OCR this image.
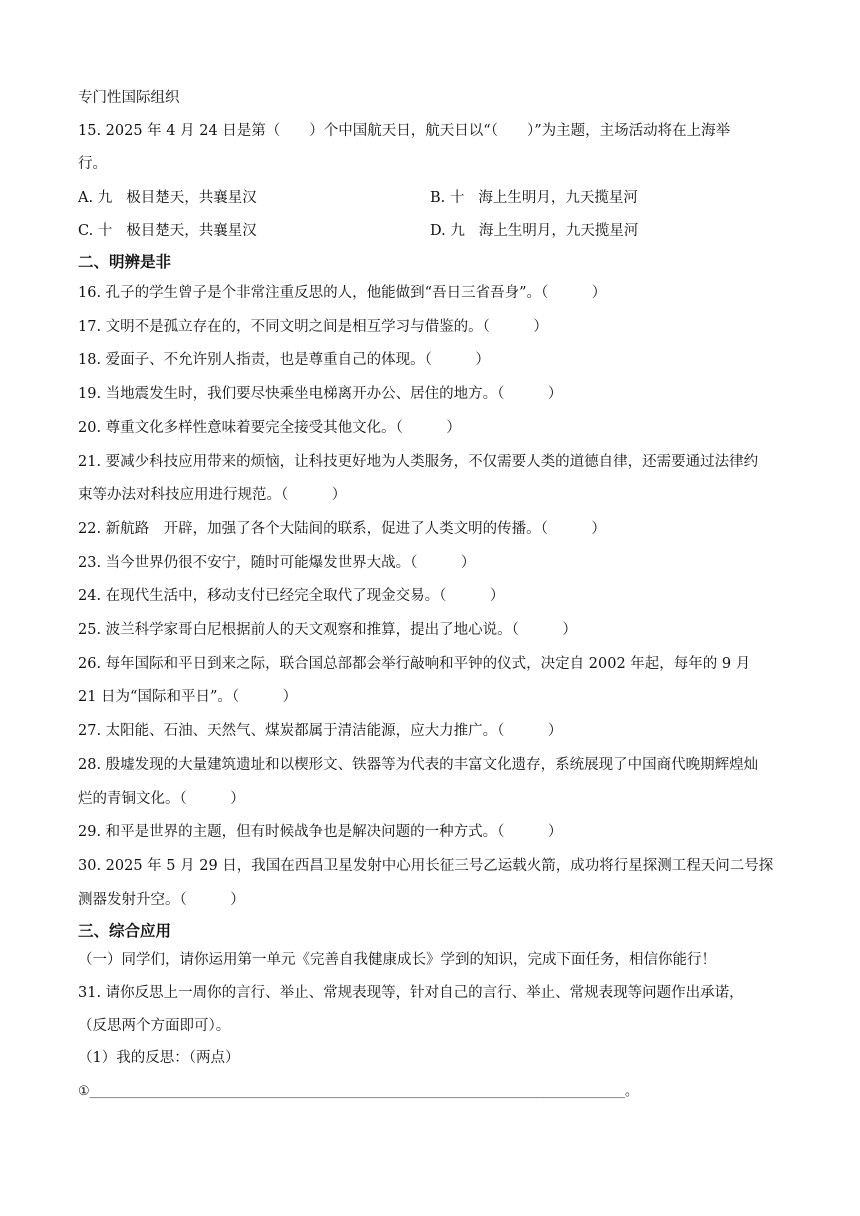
专门性国际组织
15. 2025 年 4 月 24 日是第（　　）个中国航天日，航天日以“（　　）”为主题，主场活动将在上海举
行。
A. 九 极目楚天，共襄星汉	B. 十 海上生明月，九天揽星河
C. 十 极目楚天，共襄星汉	D. 九 海上生明月，九天揽星河
二、明辨是非
16. 孔子的学生曾子是个非常注重反思的人，他能做到“吾日三省吾身”。（　　　）
17. 文明不是孤立存在的，不同文明之间是相互学习与借鉴的。（　　　）
18. 爱面子、不允许别人指责，也是尊重自己的体现。（　　　）
19. 当地震发生时，我们要尽快乘坐电梯离开办公、居住的地方。（　　　）
20. 尊重文化多样性意味着要完全接受其他文化。（　　　）
21. 要减少科技应用带来的烦恼，让科技更好地为人类服务，不仅需要人类的道德自律，还需要通过法律约
束等办法对科技应用进行规范。（　　　）
22. 新航路　开辟，加强了各个大陆间的联系，促进了人类文明的传播。（　　　）
23. 当今世界仍很不安宁，随时可能爆发世界大战。（　　　）
24. 在现代生活中，移动支付已经完全取代了现金交易。（　　　）
25. 波兰科学家哥白尼根据前人的天文观察和推算，提出了地心说。（　　　）
26. 每年国际和平日到来之际，联合国总部都会举行敲响和平钟的仪式，决定自 2002 年起，每年的 9 月
21 日为“国际和平日”。（　　　）
27. 太阳能、石油、天然气、煤炭都属于清洁能源，应大力推广。（　　　）
28. 殷墟发现的大量建筑遗址和以楔形文、铁器等为代表的丰富文化遗存，系统展现了中国商代晚期辉煌灿
烂的青铜文化。（　　　）
29. 和平是世界的主题，但有时候战争也是解决问题的一种方式。（　　　）
30. 2025 年 5 月 29 日，我国在西昌卫星发射中心用长征三号乙运载火箭，成功将行星探测工程天问二号探
测器发射升空。（　　　）
三、综合应用
（一）同学们，请你运用第一单元《完善自我健康成长》学到的知识，完成下面任务，相信你能行！
31. 请你反思上一周你的言行、举止、常规表现等，针对自己的言行、举止、常规表现等问题作出承诺，
（反思两个方面即可）。
（1）我的反思：（两点）
①_____________________________________________________________________________________。
